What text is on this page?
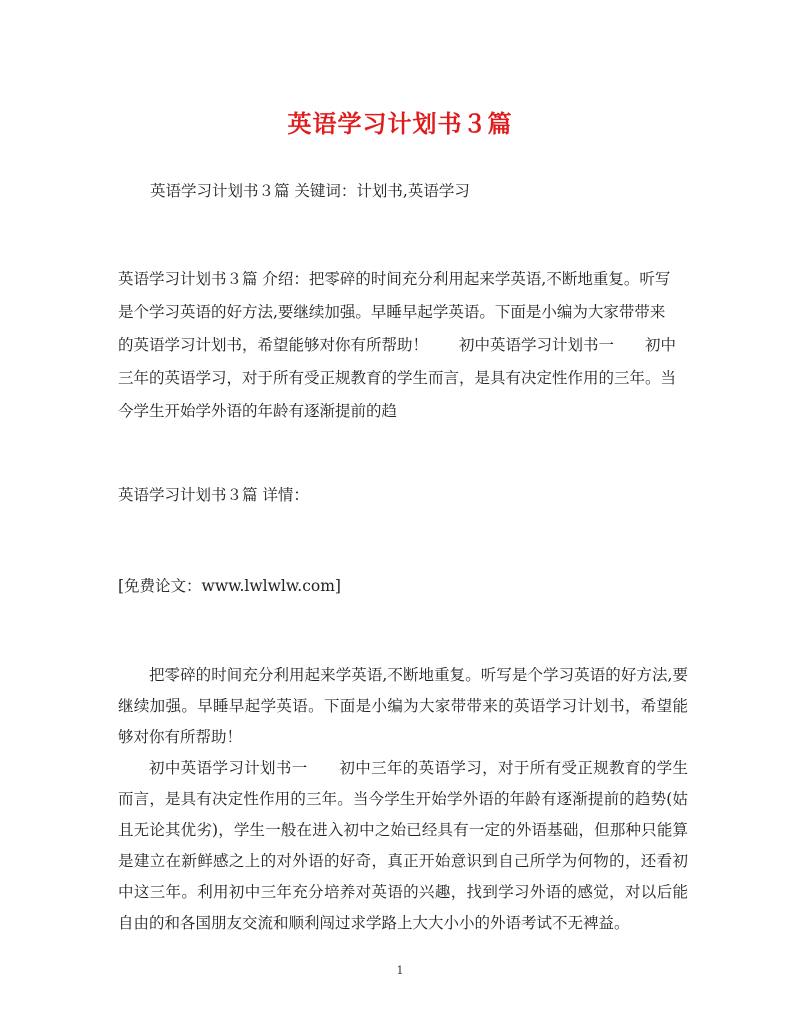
英语学习计划书３篇
英语学习计划书３篇 关键词：计划书,英语学习
英语学习计划书３篇 介绍：把零碎的时间充分利用起来学英语,不断地重复。听写
是个学习英语的好方法,要继续加强。早睡早起学英语。下面是小编为大家带带来
的英语学习计划书，希望能够对你有所帮助！　　初中英语学习计划书一　　初中
三年的英语学习，对于所有受正规教育的学生而言，是具有决定性作用的三年。当
今学生开始学外语的年龄有逐渐提前的趋
英语学习计划书３篇 详情：
[免费论文：www.lwlwlw.com]
把零碎的时间充分利用起来学英语,不断地重复。听写是个学习英语的好方法,要继续加强。早睡早起学英语。下面是小编为大家带带来的英语学习计划书，希望能够对你有所帮助！
初中英语学习计划书一　　初中三年的英语学习，对于所有受正规教育的学生而言，是具有决定性作用的三年。当今学生开始学外语的年龄有逐渐提前的趋势(姑且无论其优劣)，学生一般在进入初中之始已经具有一定的外语基础，但那种只能算是建立在新鲜感之上的对外语的好奇，真正开始意识到自己所学为何物的，还看初中这三年。利用初中三年充分培养对英语的兴趣，找到学习外语的感觉，对以后能自由的和各国朋友交流和顺利闯过求学路上大大小小的外语考试不无裨益。
1
